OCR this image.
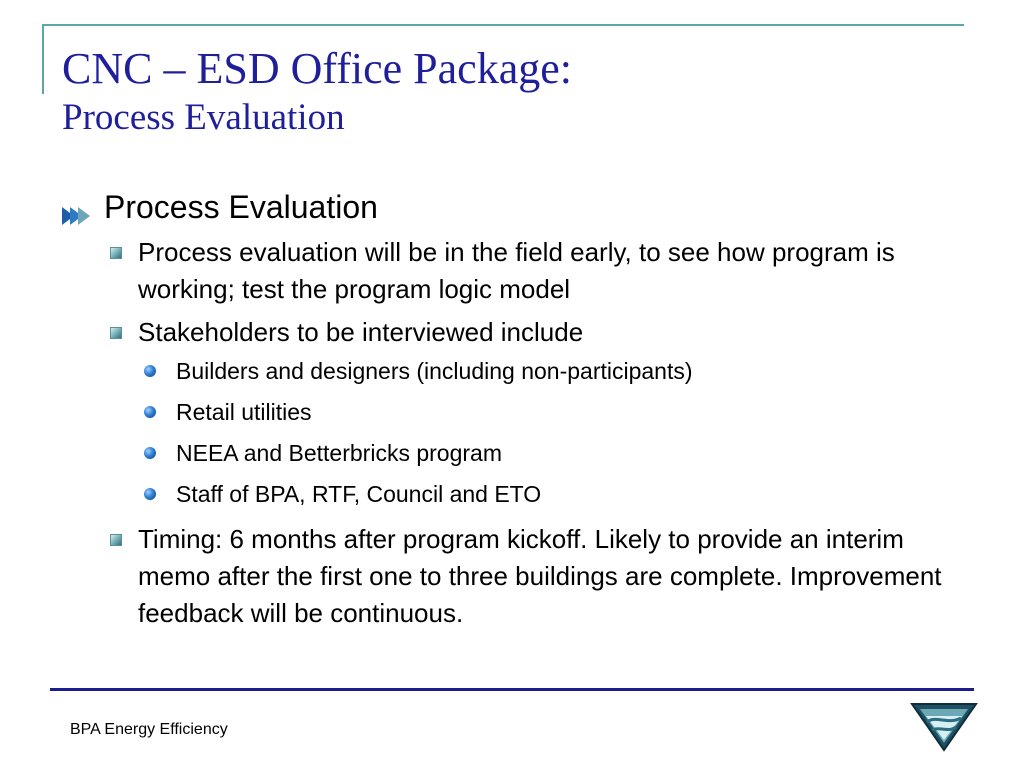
CNC – ESD Office Package:
Process Evaluation
Process Evaluation
Process evaluation will be in the field early, to see how program is working; test the program logic model
Stakeholders to be interviewed include
Builders and designers (including non-participants)
Retail utilities
NEEA and Betterbricks program
Staff of BPA, RTF, Council and ETO
Timing: 6 months after program kickoff. Likely to provide an interim memo after the first one to three buildings are complete. Improvement feedback will be continuous.
BPA Energy Efficiency
